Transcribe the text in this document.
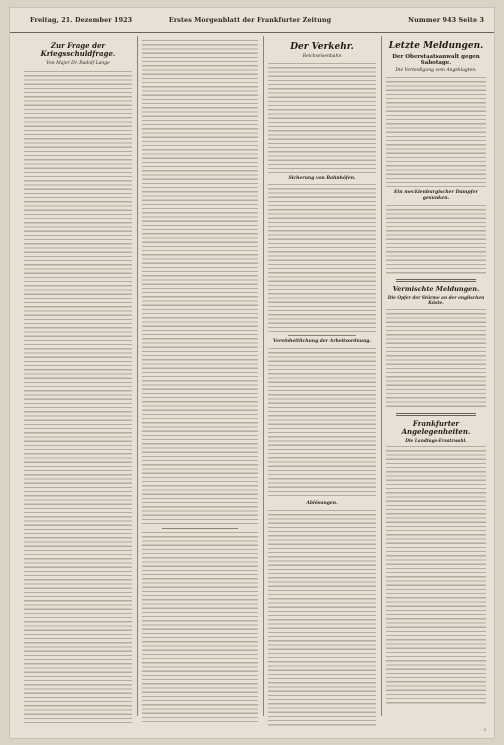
Freitag, 21. Dezember 1923	Erstes Morgenblatt der Frankfurter Zeitung	Nummer 943 Seite 3
Zur Frage der Kriegsschuldfrage.
Von Major Dr. Rudolf Lange
Der Verkehr.
Reichseisenbahn
Sicherung von Bahnhöfen.
Vereinheitlichung der Arbeitsordnung.
Ablösungen.
Letzte Meldungen.
Der Oberstaatsanwalt gegen Sabotage.
Die Verteidigung vom Angeklagten.
Ein mecklenburgischer Dampfer gesunken.
Vermischte Meldungen.
Die Opfer der Stürme an der englischen Küste.
Frankfurter Angelegenheiten.
Die Landtags-Ersatzwahl.
3
